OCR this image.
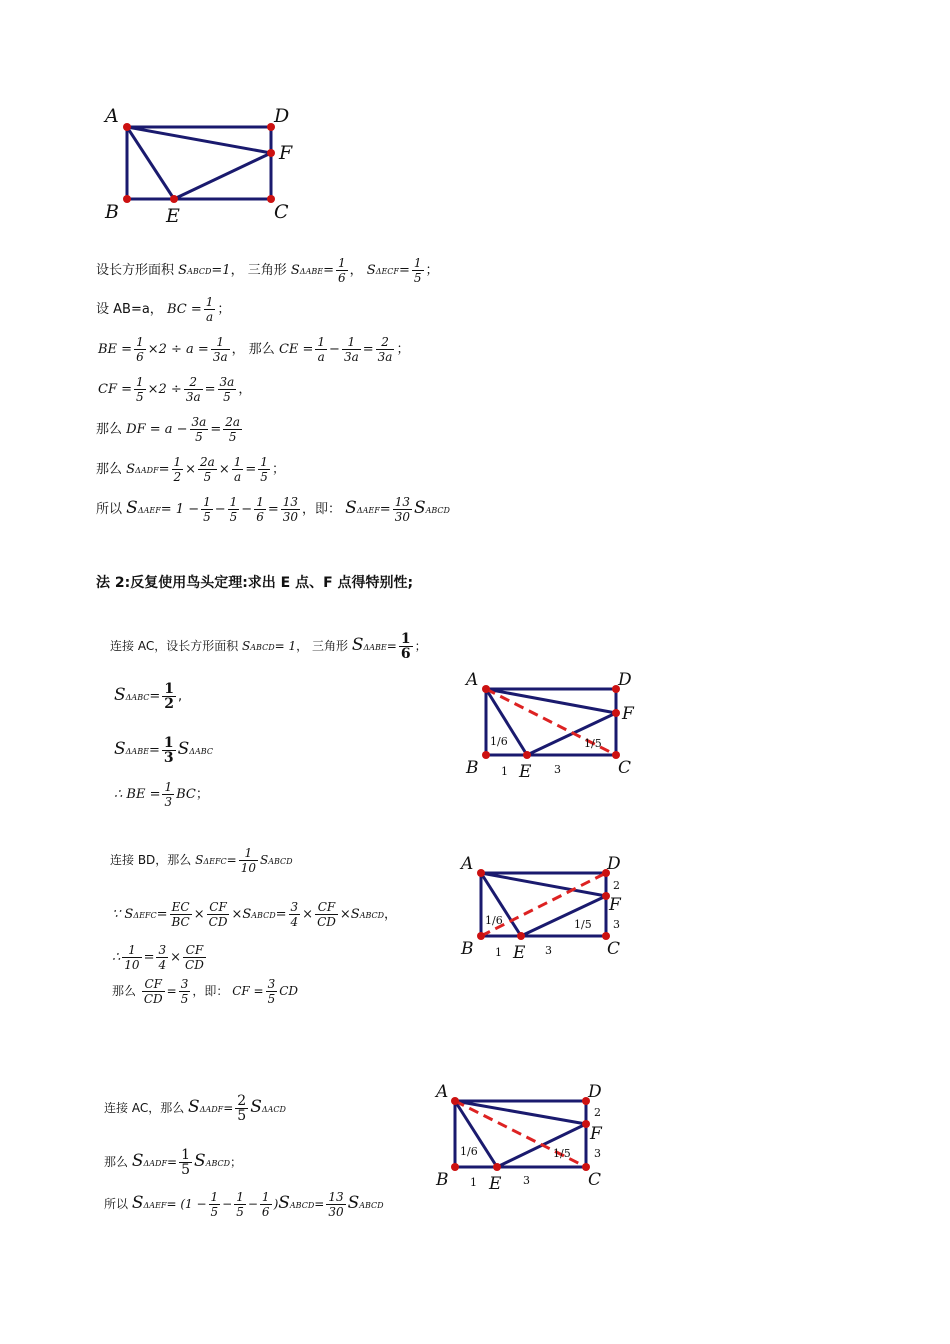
A	D
F
B E	C
设长方形面积 SABCD=1， 三角形 $S\Delta ABE= \frac{1}{6}$ ， $S\Delta ECF= \frac{1}{5}$ ；
设 AB=a， BC = $\frac{1}{a}$ ；
BE = $\frac{1}{6} \times 2 \div a = \frac{1}{3a}$ ， 那么 CE = $\frac{1}{a} - \frac{1}{3a} = \frac{2}{3a}$ ；
CF = $\frac{1}{5} \times 2 \div \frac{2}{3a} = \frac{3a}{5}$ ，
那么 DF = $a - \frac{3a}{5} = \frac{2a}{5}$
那么 $S\Delta ADF= \frac{1}{2} \times \frac{2a}{5} \times \frac{1}{a} = \frac{1}{5}$ ；
所以 $S\Delta AEF= 1 - \frac{1}{5} - \frac{1}{5} - \frac{1}{6} = \frac{13}{30}$ ，即： $S\Delta AEF= \frac{13}{30}$ SABCD
法 2:反复使用鸟头定理:求出 E 点、F 点得特别性;
连接 AC，设长方形面积 SABCD= 1， 三角形 $S\Delta ABE= \frac{1}{6}$ ；
$S\Delta ABC= \frac{1}{2}$ ,
$S\Delta ABE= \frac{1}{3}$ SΔABC
∴ BE = $\frac{1}{3}$ BC；
A	D
F
B E	C
1/6	1/5
1	3
连接 BD，那么 $S\Delta EFC= \frac{1}{10}$ SABCD
∵ $S\Delta EFC= \frac{EC}{BC} \times \frac{CF}{CD}$ ×SABCD= $\frac{3}{4} \times \frac{CF}{CD}$ ×SABCD，
∴ $\frac{1}{10} = \frac{3}{4} \times \frac{CF}{CD}$
那么 $\frac{CF}{CD} = \frac{3}{5}$ ，即： CF = $\frac{3}{5}$ CD
A	D
F
B E	C
1/6	1/5
1	3
2
3
连接 AC，那么 $S\Delta ADF= \frac{2}{5}$ SΔACD
那么 $S\Delta ADF= \frac{1}{5}$ SABCD；
所以 $S\Delta AEF= (1 - \frac{1}{5} - \frac{1}{5} - \frac{1}{6}$ )SABCD= $\frac{13}{30}$ SABCD
A	D
F
B E	C
1/6	1/5
1	3
2
3
